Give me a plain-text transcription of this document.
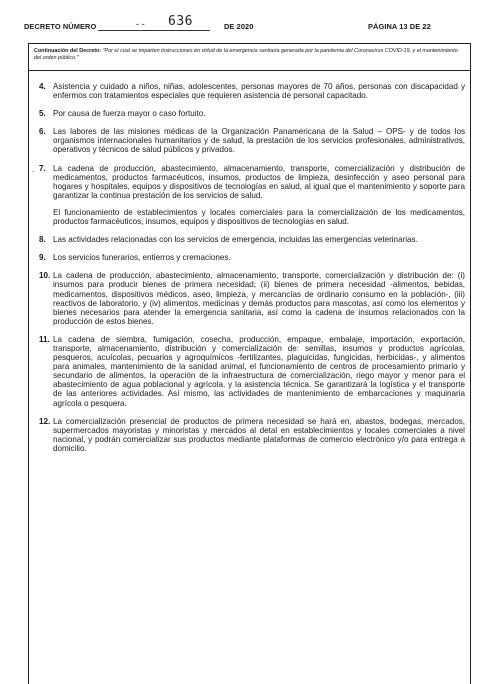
DECRETO NÚMERO	- - 636	DE 2020	PÁGINA 13 DE 22
Continuación del Decreto: "Por el cual se imparten instrucciones en virtud de la emergencia sanitaria generada por la pandemia del Coronavirus COVID-19, y el mantenimiento del orden público."
4. Asistencia y cuidado a niños, niñas, adolescentes, personas mayores de 70 años, personas con discapacidad y enfermos con tratamientos especiales que requieren asistencia de personal capacitado.

5. Por causa de fuerza mayor o caso fortuito.

6. Las labores de las misiones médicas de la Organización Panamericana de la Salud – OPS- y de todos los organismos internacionales humanitarios y de salud, la prestación de los servicios profesionales, administrativos, operativos y técnicos de salud públicos y privados.

. 7. La cadena de producción, abastecimiento, almacenamiento, transporte, comercialización y distribución de medicamentos, productos farmacéuticos, insumos, productos de limpieza, desinfección y aseo personal para hogares y hospitales, equipos y dispositivos de tecnologías en salud, al igual que el mantenimiento y soporte para garantizar la continua prestación de los servicios de salud.

El funcionamiento de establecimientos y locales comerciales para la comercialización de los medicamentos, productos farmacéuticos, insumos, equipos y dispositivos de tecnologías en salud.

8. Las actividades relacionadas con los servicios de emergencia, incluidas las emergencias veterinarias.

9. Los servicios funerarios, entierros y cremaciones.

10. La cadena de producción, abastecimiento, almacenamiento, transporte, comercialización y distribución de: (i) insumos para producir bienes de primera necesidad; (ii) bienes de primera necesidad -alimentos, bebidas, medicamentos, dispositivos médicos, aseo, limpieza, y mercancías de ordinario consumo en la población-, (iii) reactivos de laboratorio, y (iv) alimentos, medicinas y demás productos para mascotas, así como los elementos y bienes necesarios para atender la emergencia sanitaria, así como la cadena de insumos relacionados con la producción de estos bienes.

11. La cadena de siembra, fumigación, cosecha, producción, empaque, embalaje, importación, exportación, transporte, almacenamiento, distribución y comercialización de: semillas, insumos y productos agrícolas, pesqueros, acuícolas, pecuarios y agroquímicos -fertilizantes, plaguicidas, fungicidas, herbicidas-, y alimentos para animales, mantenimiento de la sanidad animal, el funcionamiento de centros de procesamiento primario y secundario de alimentos, la operación de la infraestructura de comercialización, riego mayor y menor para el abastecimiento de agua poblacional y agrícola, y la asistencia técnica. Se garantizará la logística y el transporte de las anteriores actividades. Así mismo, las actividades de mantenimiento de embarcaciones y maquinaria agrícola o pesquera.

12. La comercialización presencial de productos de primera necesidad se hará en, abastos, bodegas, mercados, supermercados mayoristas y minoristas y mercados al detal en establecimientos y locales comerciales a nivel nacional, y podrán comercializar sus productos mediante plataformas de comercio electrónico y/o para entrega a domicilio.
